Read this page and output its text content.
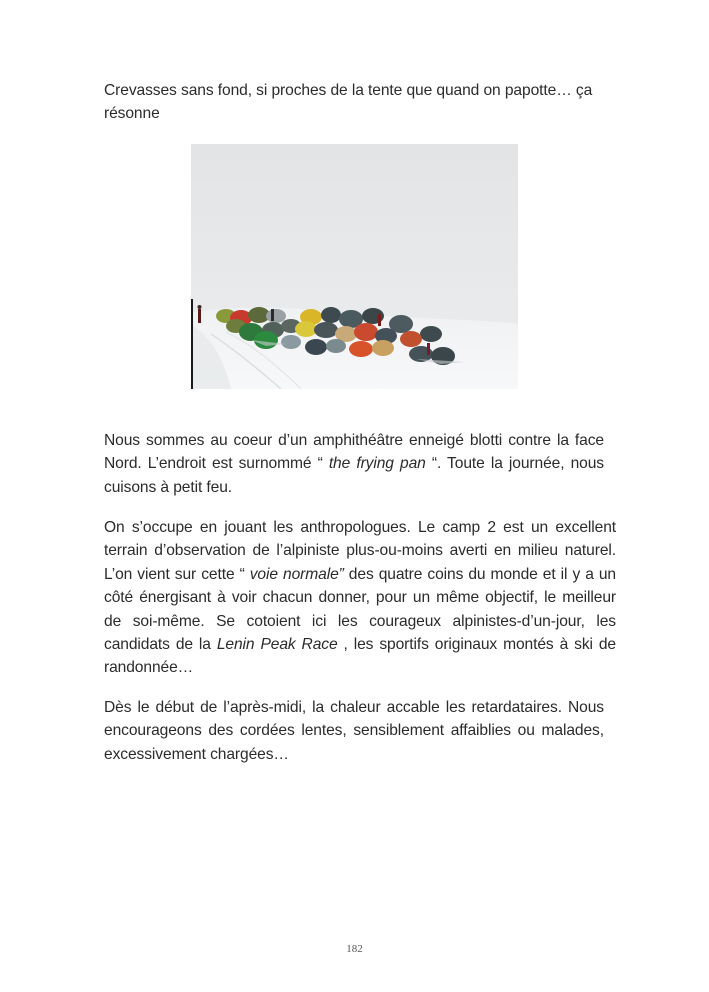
Crevasses sans fond, si proches de la tente que quand on papotte… ça résonne

Nous sommes au coeur d’un amphithéâtre enneigé blotti contre la face Nord. L’endroit est surnommé “ the frying pan “. Toute la journée, nous cuisons à petit feu.

On s’occupe en jouant les anthropologues. Le camp 2 est un excellent terrain d’observation de l’alpiniste plus-ou-moins averti en milieu naturel. L’on vient sur cette “ voie normale” des quatre coins du monde et il y a un côté énergisant à voir chacun donner, pour un même objectif, le meilleur de soi-même. Se cotoient ici les courageux alpinistes-d’un-jour, les candidats de la Lenin Peak Race , les sportifs originaux montés à ski de randonnée…

Dès le début de l’après-midi, la chaleur accable les retardataires. Nous encourageons des cordées lentes, sensiblement affaiblies ou malades, excessivement chargées…

182
